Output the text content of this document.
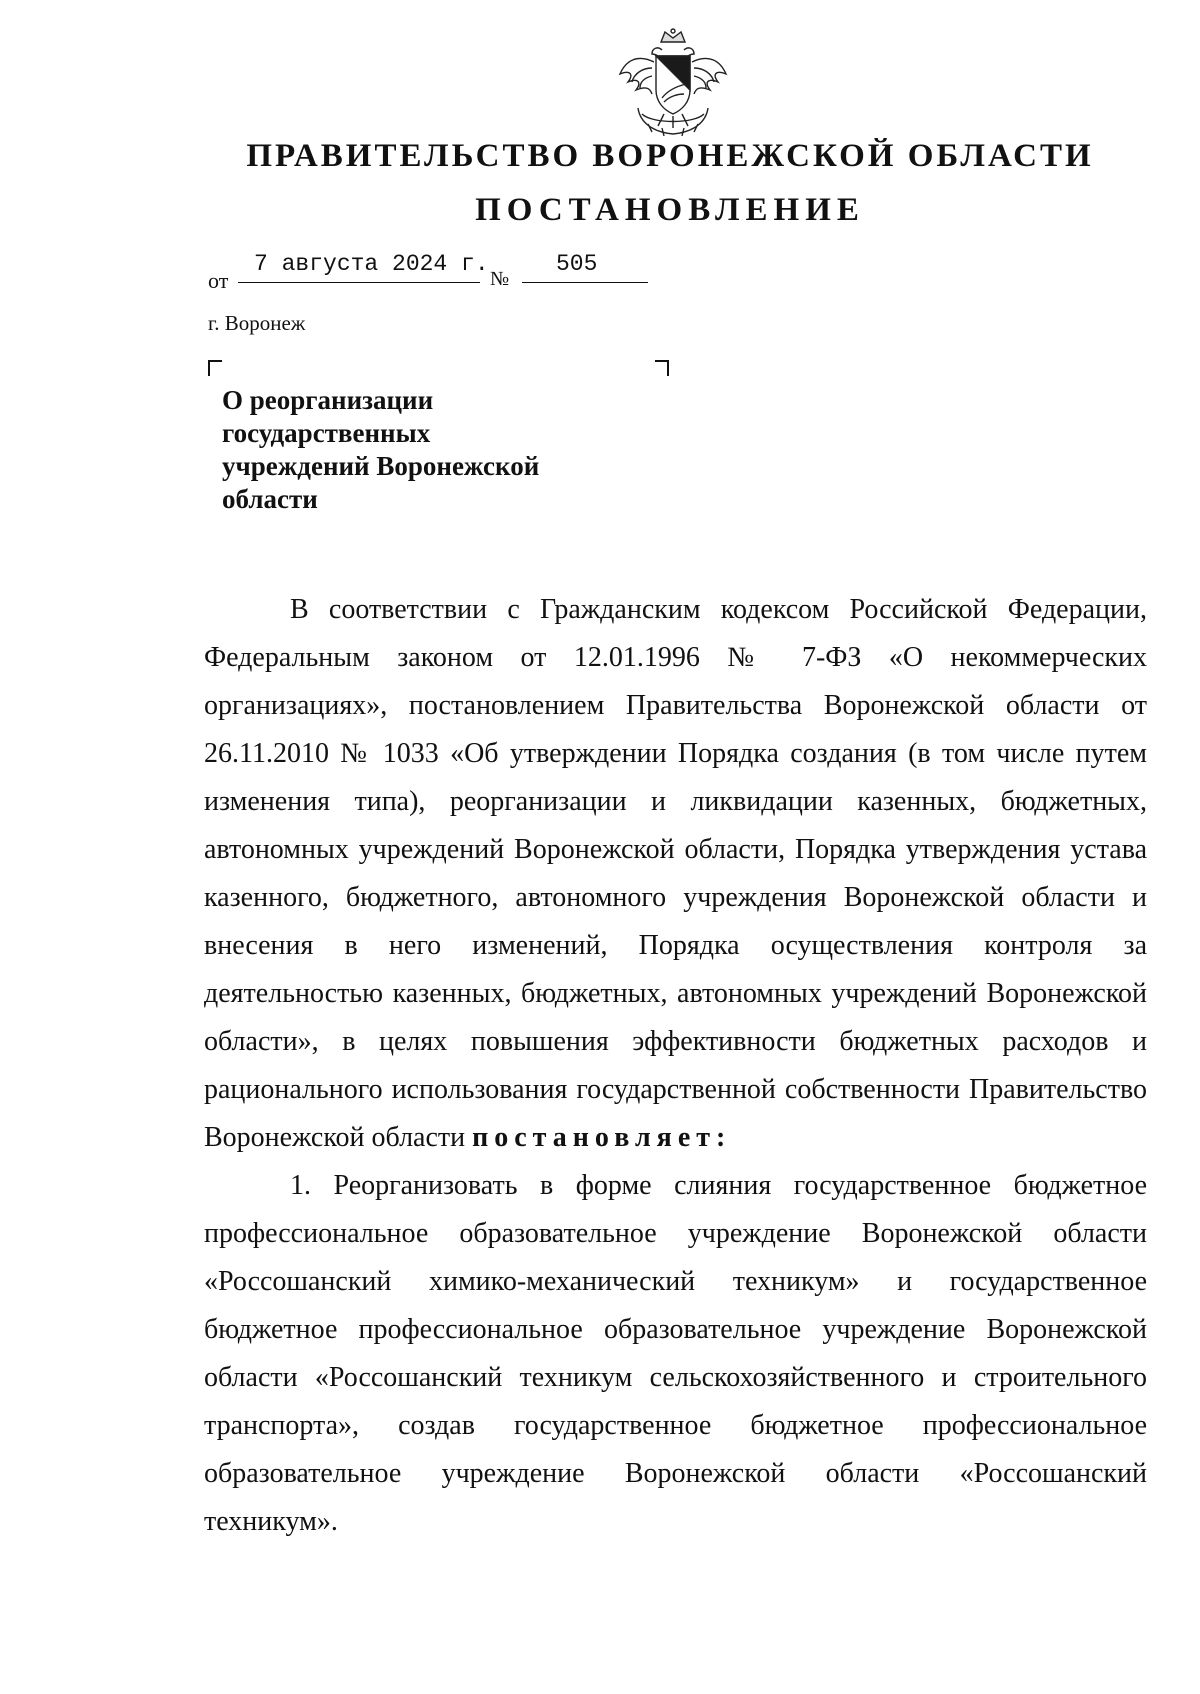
ПРАВИТЕЛЬСТВО ВОРОНЕЖСКОЙ ОБЛАСТИ
ПОСТАНОВЛЕНИЕ
от
7 августа 2024 г.
№
505
г. Воронеж
О реорганизации
государственных
учреждений Воронежской
области

В соответствии с Гражданским кодексом Российской Федерации, Федеральным законом от 12.01.1996 № 7-ФЗ «О некоммерческих организациях», постановлением Правительства Воронежской области от 26.11.2010 № 1033 «Об утверждении Порядка создания (в том числе путем изменения типа), реорганизации и ликвидации казенных, бюджетных, автономных учреждений Воронежской области, Порядка утверждения устава казенного, бюджетного, автономного учреждения Воронежской области и внесения в него изменений, Порядка осуществления контроля за деятельностью казенных, бюджетных, автономных учреждений Воронежской области», в целях повышения эффективности бюджетных расходов и рационального использования государственной собственности Правительство Воронежской области постановляет:

1. Реорганизовать в форме слияния государственное бюджетное профессиональное образовательное учреждение Воронежской области «Россошанский химико-механический техникум» и государственное бюджетное профессиональное образовательное учреждение Воронежской области «Россошанский техникум сельскохозяйственного и строительного транспорта», создав государственное бюджетное профессиональное образовательное учреждение Воронежской области «Россошанский техникум».
